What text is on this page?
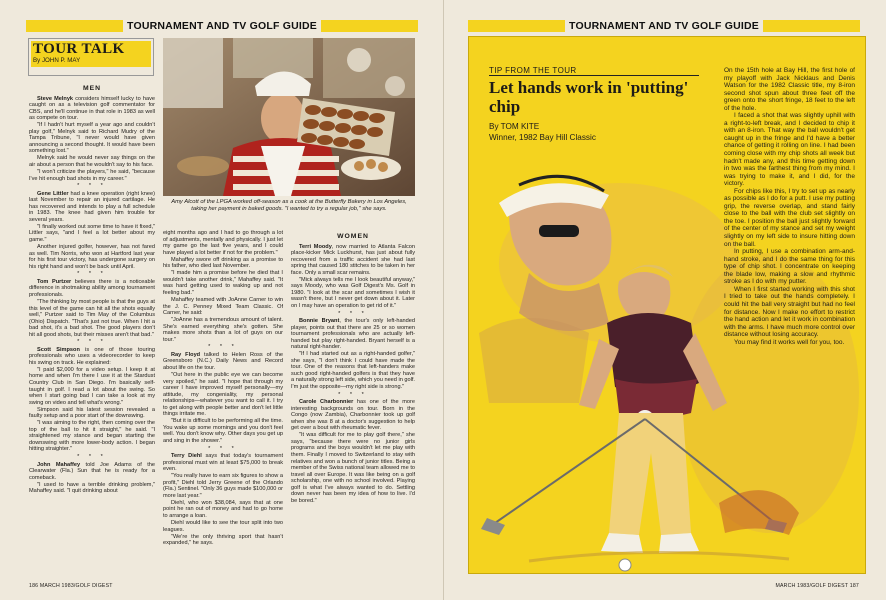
TOURNAMENT AND TV GOLF GUIDE
TOUR TALK
By JOHN P. MAY

MEN

Steve Melnyk considers himself lucky to have caught on as a television golf commentator for CBS, and he'll continue in that role in 1983 as well as compete on tour.

"If I hadn't hurt myself a year ago and couldn't play golf," Melnyk said to Richard Mudry of the Tampa Tribune, "I never would have given announcing a second thought. It would have been something lost."

Melnyk said he would never say things on the air about a person that he wouldn't say to his face.

"I won't criticize the players," he said, "because I've hit enough bad shots in my career."

* * *

Gene Littler had a knee operation (right knee) last November to repair an injured cartilage. He has recovered and intends to play a full schedule in 1983. The knee had given him trouble for several years.

"I finally worked out some time to have it fixed," Littler says, "and I feel a lot better about my game."

Another injured golfer, however, has not fared as well. Tim Norris, who won at Hartford last year for his first tour victory, has undergone surgery on his right hand and won't be back until April.

* * *

Tom Purtzer believes there is a noticeable difference in shotmaking ability among tournament professionals.

"The thinking by most people is that the guys at this level of the game can hit all the shots equally well," Purtzer said to Tim May of the Columbus (Ohio) Dispatch. "That's just not true. When I hit a bad shot, it's a bad shot. The good players don't hit all good shots, but their misses aren't that bad."

* * *

Scott Simpson is one of those touring professionals who uses a videorecorder to keep his swing on track. He explained:

"I paid $2,000 for a video setup. I keep it at home and when I'm there I use it at the Stardust Country Club in San Diego. I'm basically self-taught in golf. I read a lot about the swing. So when I start going bad I can take a look at my swing on video and tell what's wrong."

Simpson said his latest session revealed a faulty setup and a poor start of the downswing.

"I was aiming to the right, then coming over the top of the ball to hit it straight," he said. "I straightened my stance and began starting the downswing with more lower-body action. I began hitting straighter."

* * *

John Mahaffey told Joe Adams of the Clearwater (Fla.) Sun that he is ready for a comeback.

"I used to have a terrible drinking problem," Mahaffey said. "I quit drinking about

Amy Alcott of the LPGA worked off-season as a cook at the Butterfly Bakery in Los Angeles, taking her payment in baked goods. "I wanted to try a regular job," she says.

eight months ago and I had to go through a lot of adjustments, mentally and physically. I just let my game go the last five years, and I could have played a lot better if not for the problem."

Mahaffey swore off drinking as a promise to his father, who died last November.

"I made him a promise before he died that I wouldn't take another drink," Mahaffey said. "It was hard getting used to waking up and not feeling bad."

Mahaffey teamed with JoAnne Carner to win the J. C. Penney Mixed Team Classic. Of Carner, he said:

"JoAnne has a tremendous amount of talent. She's earned everything she's gotten. She makes more shots than a lot of guys on our tour."

* * *

Ray Floyd talked to Helen Ross of the Greensboro (N.C.) Daily News and Record about life on the tour.

"Out here in the public eye we can become very spoiled," he said. "I hope that through my career I have improved myself personally—my attitude, my congeniality, my personal relationships—whatever you want to call it. I try to get along with people better and don't let little things irritate me.

"But it is difficult to be performing all the time. You wake up some mornings and you don't feel well. You don't know why. Other days you get up and sing in the shower."

* * *

Terry Diehl says that today's tournament professional must win at least $75,000 to break even.

"You really have to earn six figures to show a profit," Diehl told Jerry Greene of the Orlando (Fla.) Sentinel. "Only 36 guys made $100,000 or more last year."

Diehl, who won $38,084, says that at one point he ran out of money and had to go home to arrange a loan.

Diehl would like to see the tour split into two leagues.

"We're the only thriving sport that hasn't expanded," he says.

WOMEN

Terri Moody, now married to Atlanta Falcon place-kicker Mick Luckhurst, has just about fully recovered from a traffic accident she had last spring that caused 180 stitches to be taken in her face. Only a small scar remains.

"Mick always tells me I look beautiful anyway," says Moody, who was Golf Digest's Ms. Golf in 1980. "I look at the scar and sometimes I wish it wasn't there, but I never get down about it. Later on I may have an operation to get rid of it."

* * *

Bonnie Bryant, the tour's only left-handed player, points out that there are 25 or so women tournament professionals who are actually left-handed but play right-handed. Bryant herself is a natural right-hander.

"If I had started out as a right-handed golfer," she says, "I don't think I could have made the tour. One of the reasons that left-handers make such good right-handed golfers is that they have a naturally strong left side, which you need in golf. I'm just the opposite—my right side is strong."

* * *

Carole Charbonnier has one of the more interesting backgrounds on tour. Born in the Congo (now Zambia), Charbonnier took up golf when she was 8 at a doctor's suggestion to help get over a bout with rheumatic fever.

"It was difficult for me to play golf there," she says, "because there were no junior girls programs and the boys wouldn't let me play with them. Finally I moved to Switzerland to stay with relatives and won a bunch of junior titles. Being a member of the Swiss national team allowed me to travel all over Europe. It was like being on a golf scholarship, one with no school involved. Playing golf is what I've always wanted to do. Settling down never has been my idea of how to live. I'd be bored."

186 MARCH 1983/GOLF DIGEST
TOURNAMENT AND TV GOLF GUIDE
TIP FROM THE TOUR
Let hands work in 'putting' chip
By TOM KITE
Winner, 1982 Bay Hill Classic

On the 15th hole at Bay Hill, the first hole of my playoff with Jack Nicklaus and Denis Watson for the 1982 Classic title, my 8-iron second shot spun about three feet off the green onto the short fringe, 18 feet to the left of the hole.

I faced a shot that was slightly uphill with a right-to-left break, and I decided to chip it with an 8-iron. That way the ball wouldn't get caught up in the fringe and I'd have a better chance of getting it rolling on line. I had been coming close with my chip shots all week but hadn't made any, and this time getting down in two was the farthest thing from my mind. I was trying to make it, and I did, for the victory.

For chips like this, I try to set up as nearly as possible as I do for a putt. I use my putting grip, the reverse overlap, and stand fairly close to the ball with the club set slightly on the toe. I position the ball just slightly forward of the center of my stance and set my weight slightly on my left side to insure hitting down on the ball.

In putting, I use a combination arm-and-hand stroke, and I do the same thing for this type of chip shot. I concentrate on keeping the blade low, making a slow and rhythmic stroke as I do with my putter.

When I first started working with this shot I tried to take out the hands completely. I could hit the ball very straight but had no feel for distance. Now I make no effort to restrict the hand action and let it work in combination with the arms. I have much more control over distance without losing accuracy.

You may find it works well for you, too.

MARCH 1983/GOLF DIGEST 187
